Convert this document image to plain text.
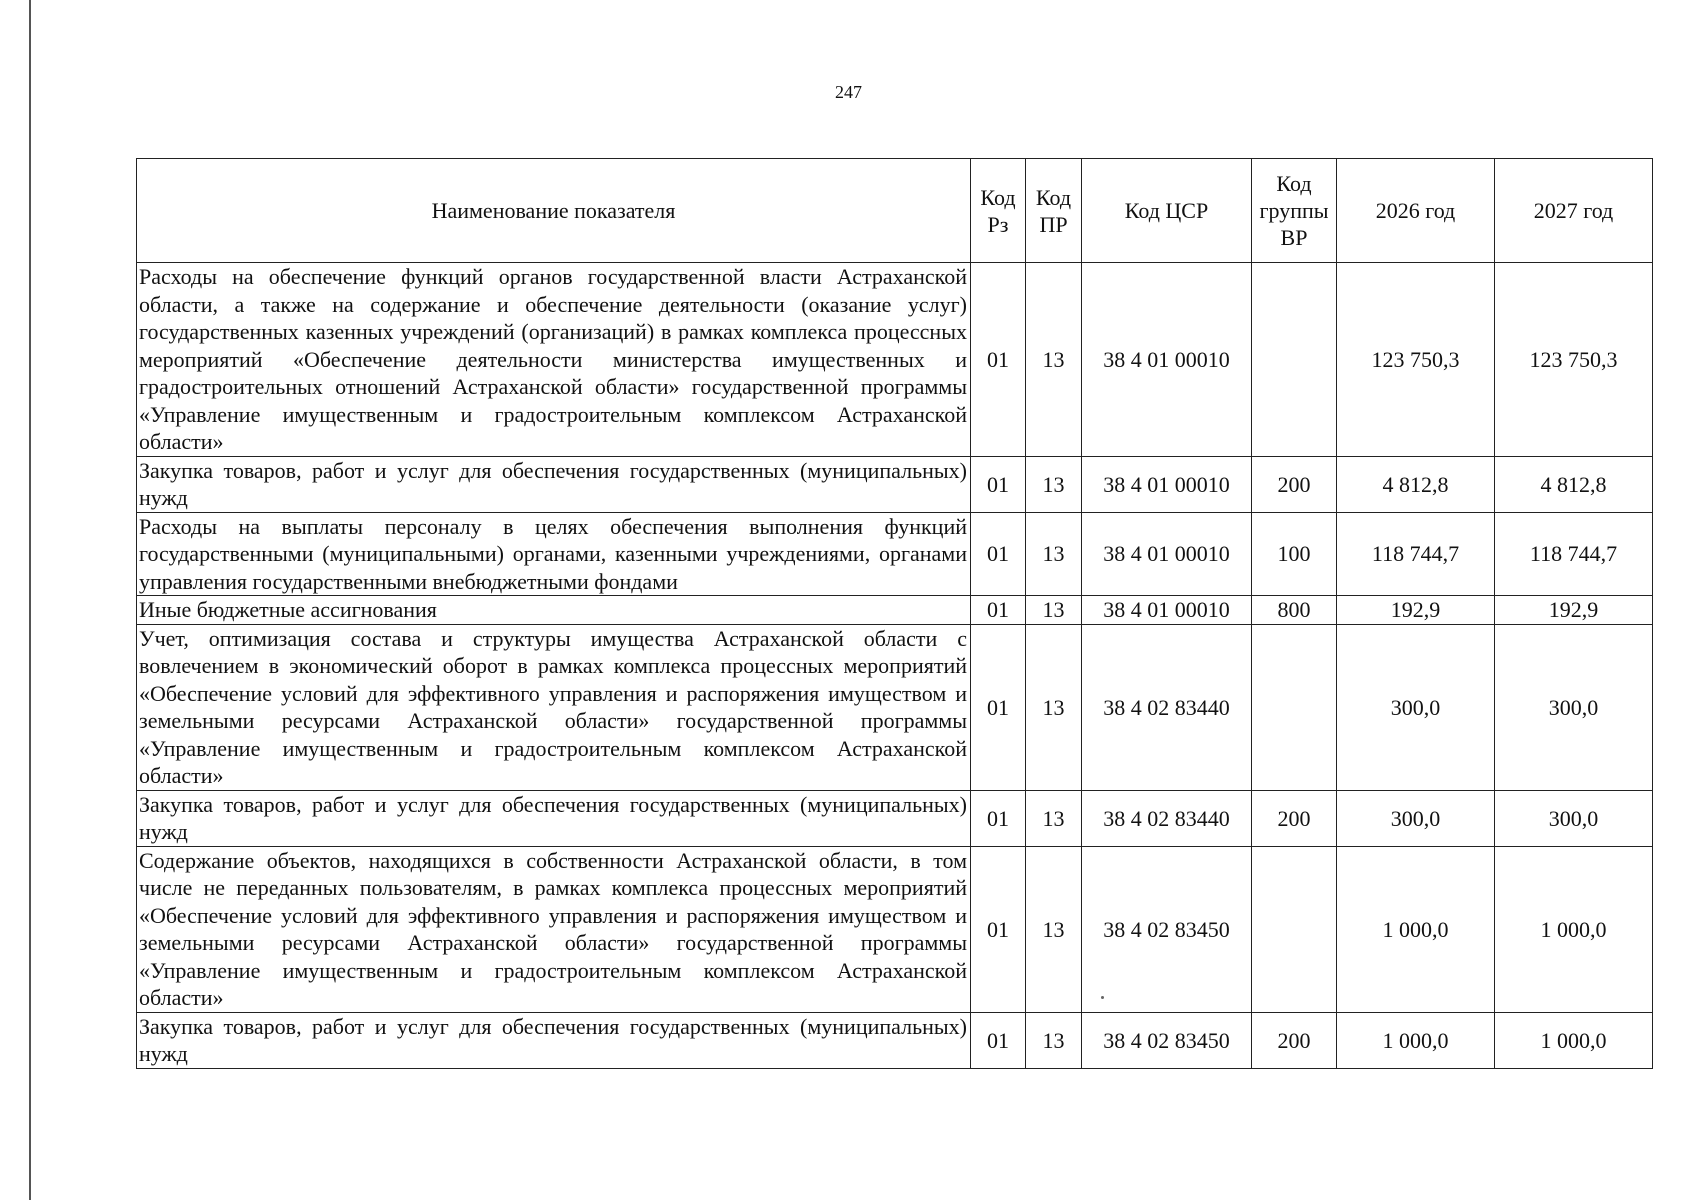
247
Наименование показателя	Код Рз	Код ПР	Код ЦСР	Код группы ВР	2026 год	2027 год
Расходы на обеспечение функций органов государственной власти Астраханской области, а также на содержание и обеспечение деятельности (оказание услуг) государственных казенных учреждений (организаций) в рамках комплекса процессных мероприятий «Обеспечение деятельности министерства имущественных и градостроительных отношений Астраханской области» государственной программы «Управление имущественным и градостроительным комплексом Астраханской области»	01	13	38 4 01 00010		123 750,3	123 750,3
Закупка товаров, работ и услуг для обеспечения государственных (муниципальных) нужд	01	13	38 4 01 00010	200	4 812,8	4 812,8
Расходы на выплаты персоналу в целях обеспечения выполнения функций государственными (муниципальными) органами, казенными учреждениями, органами управления государственными внебюджетными фондами	01	13	38 4 01 00010	100	118 744,7	118 744,7
Иные бюджетные ассигнования	01	13	38 4 01 00010	800	192,9	192,9
Учет, оптимизация состава и структуры имущества Астраханской области с вовлечением в экономический оборот в рамках комплекса процессных мероприятий «Обеспечение условий для эффективного управления и распоряжения имуществом и земельными ресурсами Астраханской области» государственной программы «Управление имущественным и градостроительным комплексом Астраханской области»	01	13	38 4 02 83440		300,0	300,0
Закупка товаров, работ и услуг для обеспечения государственных (муниципальных) нужд	01	13	38 4 02 83440	200	300,0	300,0
Содержание объектов, находящихся в собственности Астраханской области, в том числе не переданных пользователям, в рамках комплекса процессных мероприятий «Обеспечение условий для эффективного управления и распоряжения имуществом и земельными ресурсами Астраханской области» государственной программы «Управление имущественным и градостроительным комплексом Астраханской области»	01	13	38 4 02 83450		1 000,0	1 000,0
Закупка товаров, работ и услуг для обеспечения государственных (муниципальных) нужд	01	13	38 4 02 83450	200	1 000,0	1 000,0
